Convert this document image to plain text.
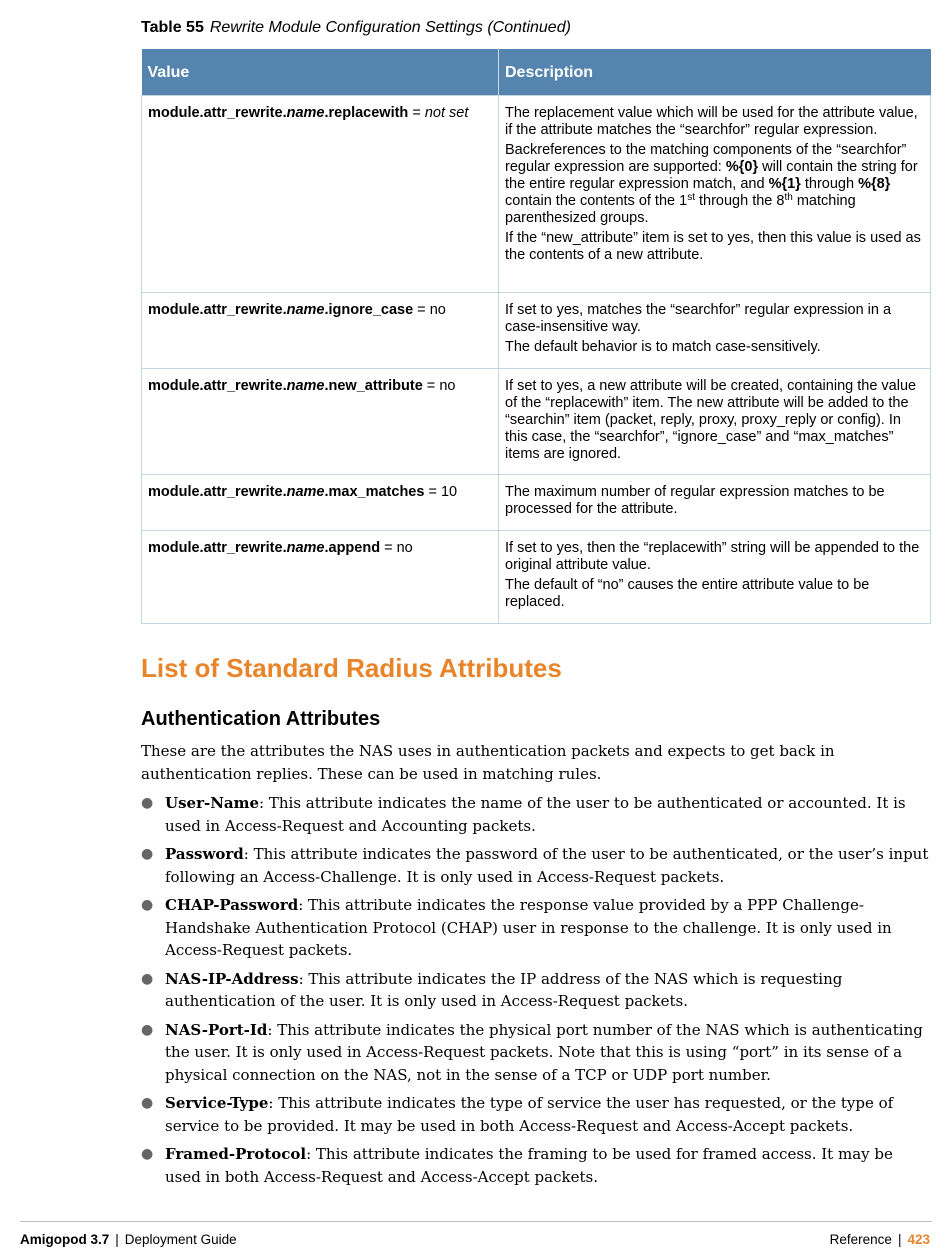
Table 55 Rewrite Module Configuration Settings (Continued)
Value	Description
module.attr_rewrite.name.replacewith = not set	The replacement value which will be used for the attribute value, if the attribute matches the “searchfor” regular expression.
Backreferences to the matching components of the “searchfor” regular expression are supported: %{0} will contain the string for the entire regular expression match, and %{1} through %{8} contain the contents of the 1st through the 8th matching parenthesized groups.
If the “new_attribute” item is set to yes, then this value is used as the contents of a new attribute.

module.attr_rewrite.name.ignore_case = no	If set to yes, matches the “searchfor” regular expression in a case-insensitive way.
The default behavior is to match case-sensitively.

module.attr_rewrite.name.new_attribute = no	If set to yes, a new attribute will be created, containing the value of the “replacewith” item. The new attribute will be added to the “searchin” item (packet, reply, proxy, proxy_reply or config). In this case, the “searchfor”, “ignore_case” and “max_matches” items are ignored.

module.attr_rewrite.name.max_matches = 10	The maximum number of regular expression matches to be processed for the attribute.

module.attr_rewrite.name.append = no	If set to yes, then the “replacewith” string will be appended to the original attribute value.
The default of “no” causes the entire attribute value to be replaced.
List of Standard Radius Attributes
Authentication Attributes

These are the attributes the NAS uses in authentication packets and expects to get back in authentication replies. These can be used in matching rules.

● User-Name: This attribute indicates the name of the user to be authenticated or accounted. It is used in Access-Request and Accounting packets.
● Password: This attribute indicates the password of the user to be authenticated, or the user’s input following an Access-Challenge. It is only used in Access-Request packets.
● CHAP-Password: This attribute indicates the response value provided by a PPP Challenge-Handshake Authentication Protocol (CHAP) user in response to the challenge. It is only used in Access-Request packets.
● NAS-IP-Address: This attribute indicates the IP address of the NAS which is requesting authentication of the user. It is only used in Access-Request packets.
● NAS-Port-Id: This attribute indicates the physical port number of the NAS which is authenticating the user. It is only used in Access-Request packets. Note that this is using “port” in its sense of a physical connection on the NAS, not in the sense of a TCP or UDP port number.
● Service-Type: This attribute indicates the type of service the user has requested, or the type of service to be provided. It may be used in both Access-Request and Access-Accept packets.
● Framed-Protocol: This attribute indicates the framing to be used for framed access. It may be used in both Access-Request and Access-Accept packets.
Amigopod 3.7 | Deployment Guide	Reference | 423
